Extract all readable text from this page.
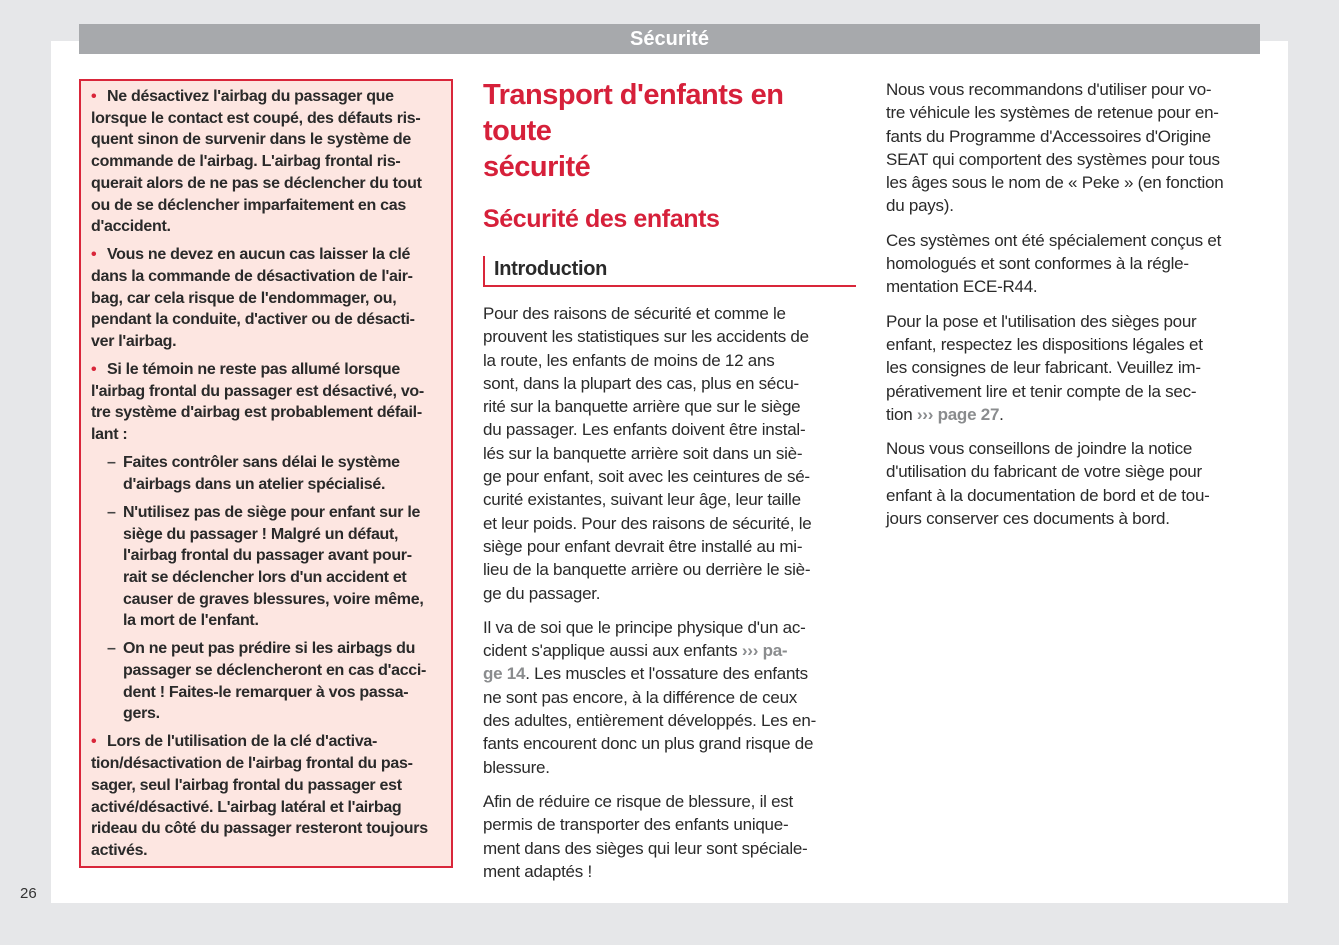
Sécurité
26
• Ne désactivez l'airbag du passager que
lorsque le contact est coupé, des défauts ris-
quent sinon de survenir dans le système de
commande de l'airbag. L'airbag frontal ris-
querait alors de ne pas se déclencher du tout
ou de se déclencher imparfaitement en cas
d'accident.
• Vous ne devez en aucun cas laisser la clé
dans la commande de désactivation de l'air-
bag, car cela risque de l'endommager, ou,
pendant la conduite, d'activer ou de désacti-
ver l'airbag.
• Si le témoin ne reste pas allumé lorsque
l'airbag frontal du passager est désactivé, vo-
tre système d'airbag est probablement défail-
lant :
– Faites contrôler sans délai le système
d'airbags dans un atelier spécialisé.
– N'utilisez pas de siège pour enfant sur le
siège du passager ! Malgré un défaut,
l'airbag frontal du passager avant pour-
rait se déclencher lors d'un accident et
causer de graves blessures, voire même,
la mort de l'enfant.
– On ne peut pas prédire si les airbags du
passager se déclencheront en cas d'acci-
dent ! Faites-le remarquer à vos passa-
gers.
• Lors de l'utilisation de la clé d'activa-
tion/désactivation de l'airbag frontal du pas-
sager, seul l'airbag frontal du passager est
activé/désactivé. L'airbag latéral et l'airbag
rideau du côté du passager resteront toujours
activés.
Transport d'enfants en toute
sécurité
Sécurité des enfants
Introduction
Pour des raisons de sécurité et comme le
prouvent les statistiques sur les accidents de
la route, les enfants de moins de 12 ans
sont, dans la plupart des cas, plus en sécu-
rité sur la banquette arrière que sur le siège
du passager. Les enfants doivent être instal-
lés sur la banquette arrière soit dans un siè-
ge pour enfant, soit avec les ceintures de sé-
curité existantes, suivant leur âge, leur taille
et leur poids. Pour des raisons de sécurité, le
siège pour enfant devrait être installé au mi-
lieu de la banquette arrière ou derrière le siè-
ge du passager.
Il va de soi que le principe physique d'un ac-
cident s'applique aussi aux enfants ››› pa-
ge 14. Les muscles et l'ossature des enfants
ne sont pas encore, à la différence de ceux
des adultes, entièrement développés. Les en-
fants encourent donc un plus grand risque de
blessure.
Afin de réduire ce risque de blessure, il est
permis de transporter des enfants unique-
ment dans des sièges qui leur sont spéciale-
ment adaptés !
Nous vous recommandons d'utiliser pour vo-
tre véhicule les systèmes de retenue pour en-
fants du Programme d'Accessoires d'Origine
SEAT qui comportent des systèmes pour tous
les âges sous le nom de « Peke » (en fonction
du pays).
Ces systèmes ont été spécialement conçus et
homologués et sont conformes à la régle-
mentation ECE-R44.
Pour la pose et l'utilisation des sièges pour
enfant, respectez les dispositions légales et
les consignes de leur fabricant. Veuillez im-
pérativement lire et tenir compte de la sec-
tion ››› page 27.
Nous vous conseillons de joindre la notice
d'utilisation du fabricant de votre siège pour
enfant à la documentation de bord et de tou-
jours conserver ces documents à bord.
